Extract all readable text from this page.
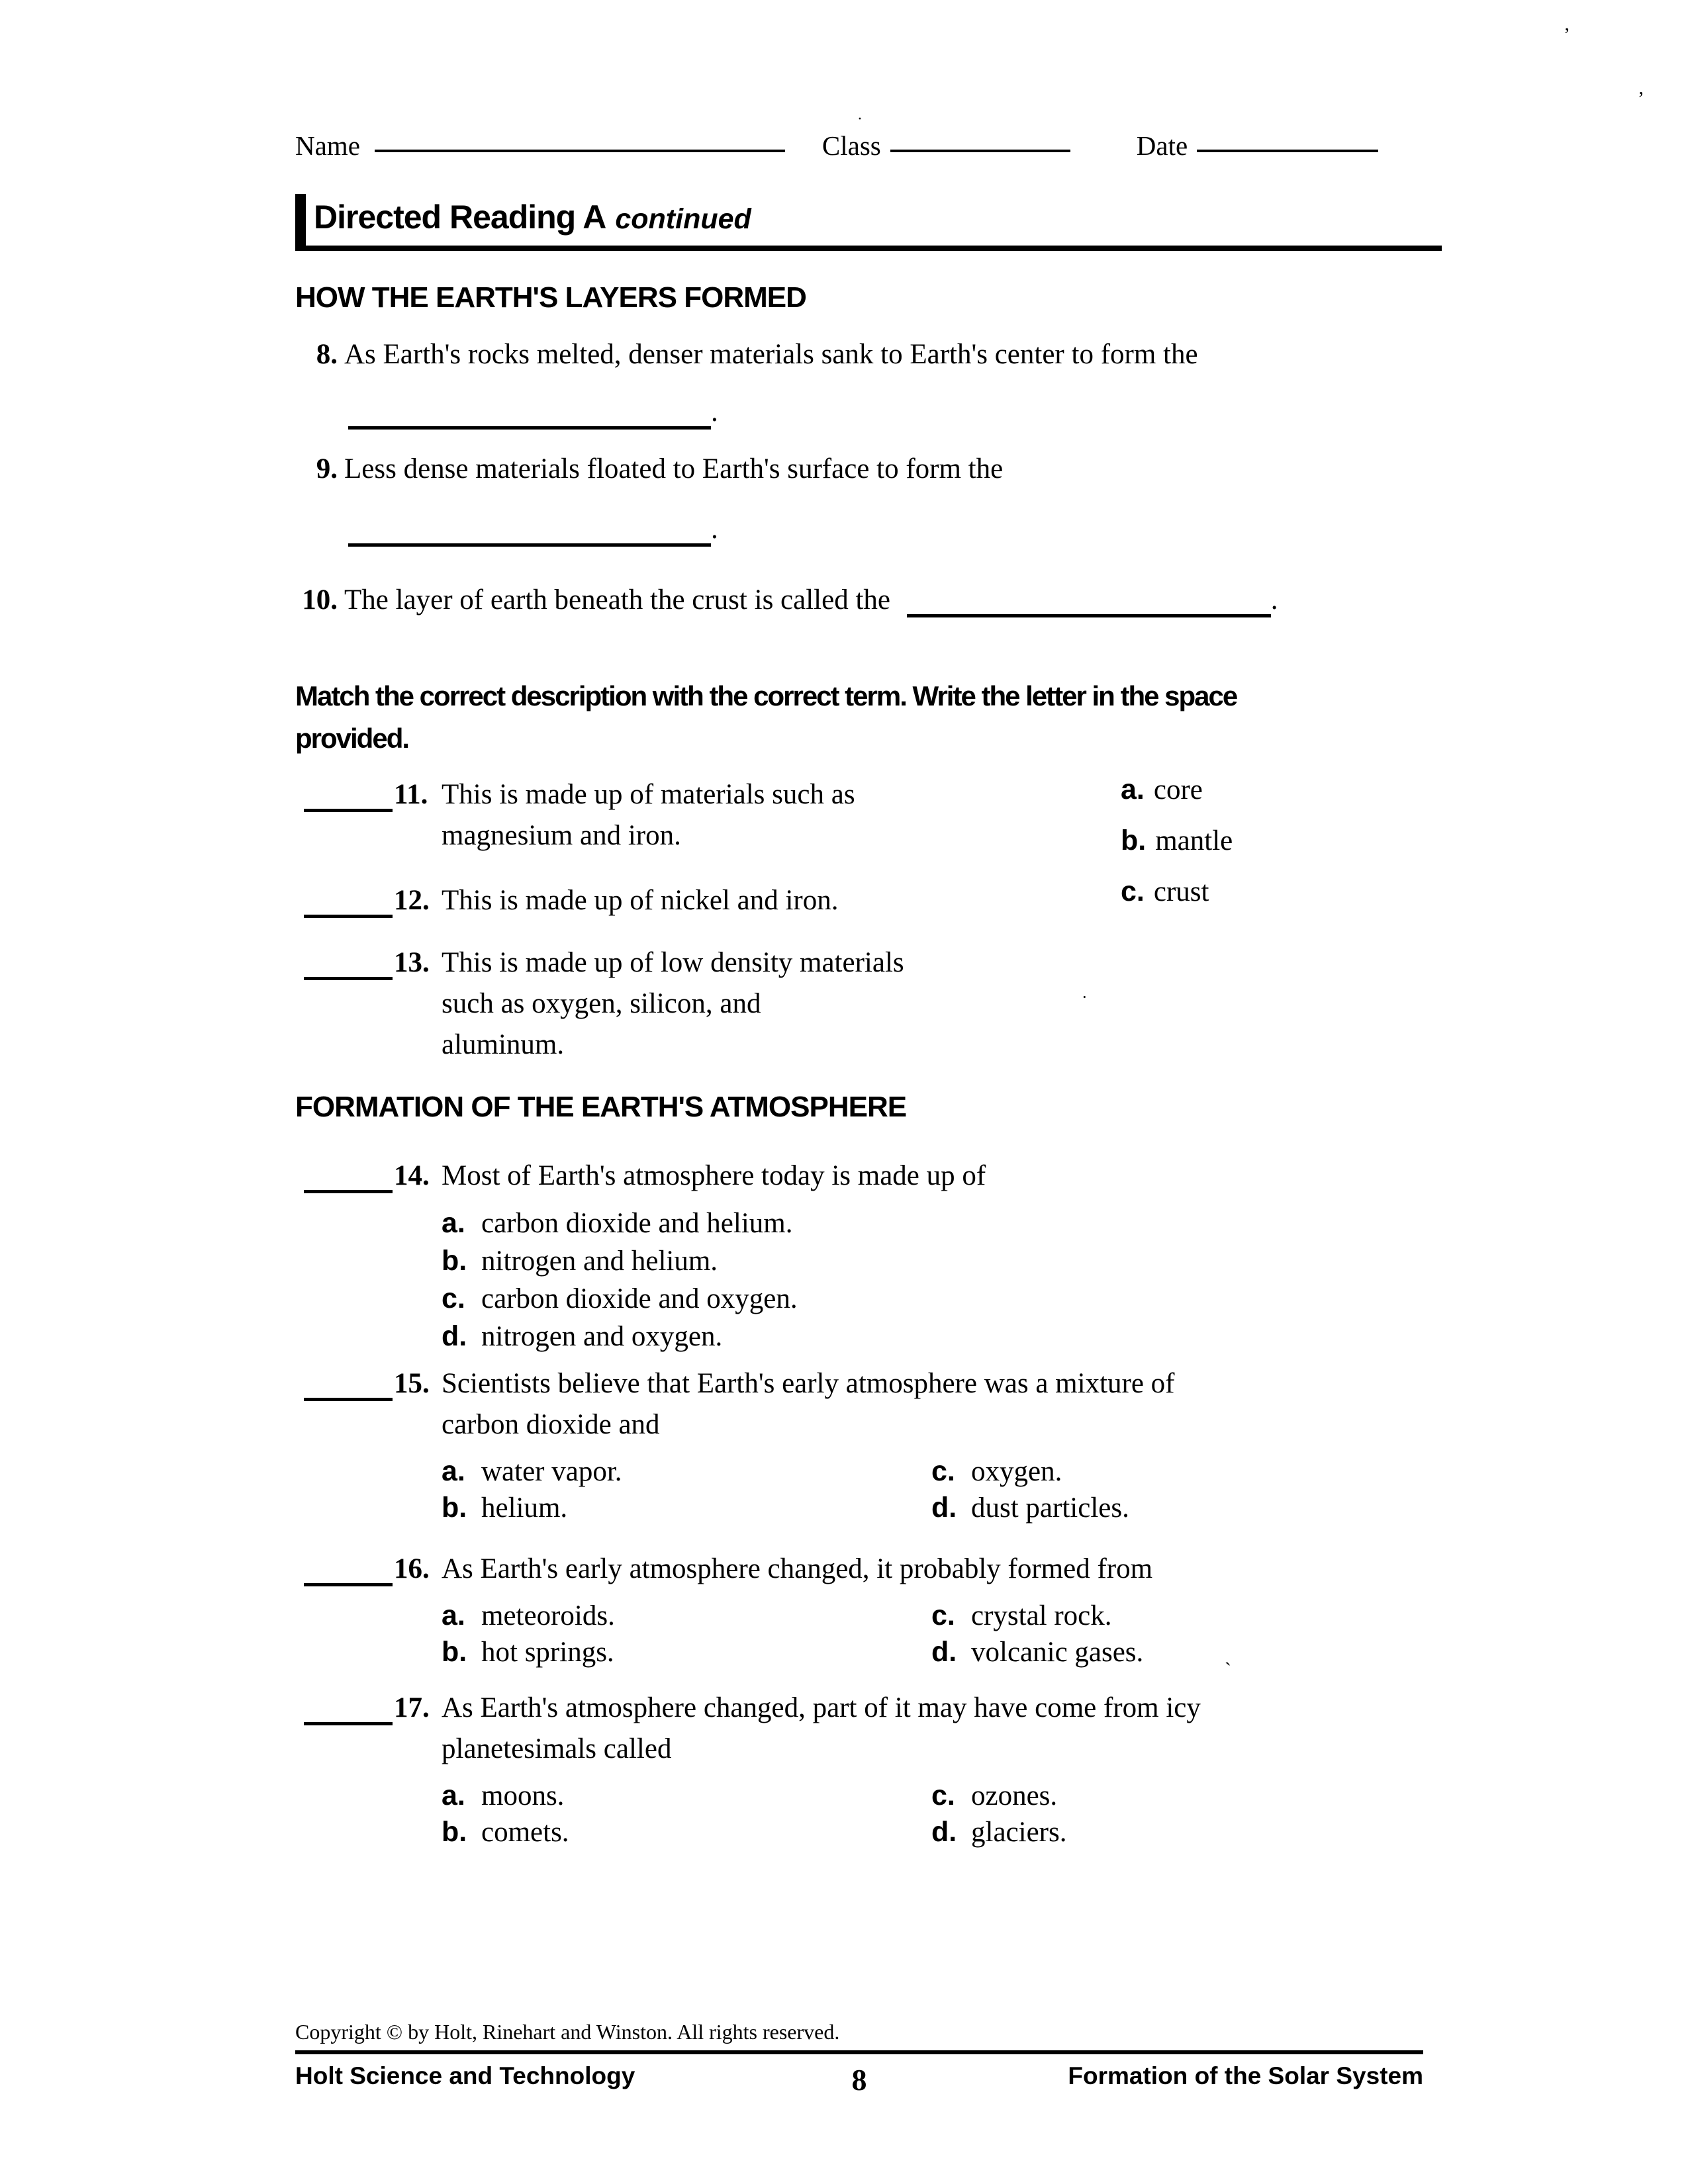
Name
	Class
	Date

Directed Reading A continued
HOW THE EARTH'S LAYERS FORMED
8. As Earth's rocks melted, denser materials sank to Earth's center to form the

.
9. Less dense materials floated to Earth's surface to form the

.
10. The layer of earth beneath the crust is called the	.
Match the correct description with the correct term. Write the letter in the space
provided.

11. This is made up of materials such as
magnesium and iron.
a. core
b. mantle
c. crust

12. This is made up of nickel and iron.

13. This is made up of low density materials
such as oxygen, silicon, and
aluminum.
FORMATION OF THE EARTH'S ATMOSPHERE

14. Most of Earth's atmosphere today is made up of
a. carbon dioxide and helium.
b. nitrogen and helium.
c. carbon dioxide and oxygen.
d. nitrogen and oxygen.

15. Scientists believe that Earth's early atmosphere was a mixture of
carbon dioxide and
a. water vapor.	c. oxygen.
b. helium.	d. dust particles.

16. As Earth's early atmosphere changed, it probably formed from
a. meteoroids.	c. crystal rock.
b. hot springs.	d. volcanic gases.

17. As Earth's atmosphere changed, part of it may have come from icy
planetesimals called
a. moons.	c. ozones.
b. comets.	d. glaciers.
Copyright © by Holt, Rinehart and Winston. All rights reserved.
Holt Science and Technology	8	Formation of the Solar System
’
‚
·
·
ˏ
